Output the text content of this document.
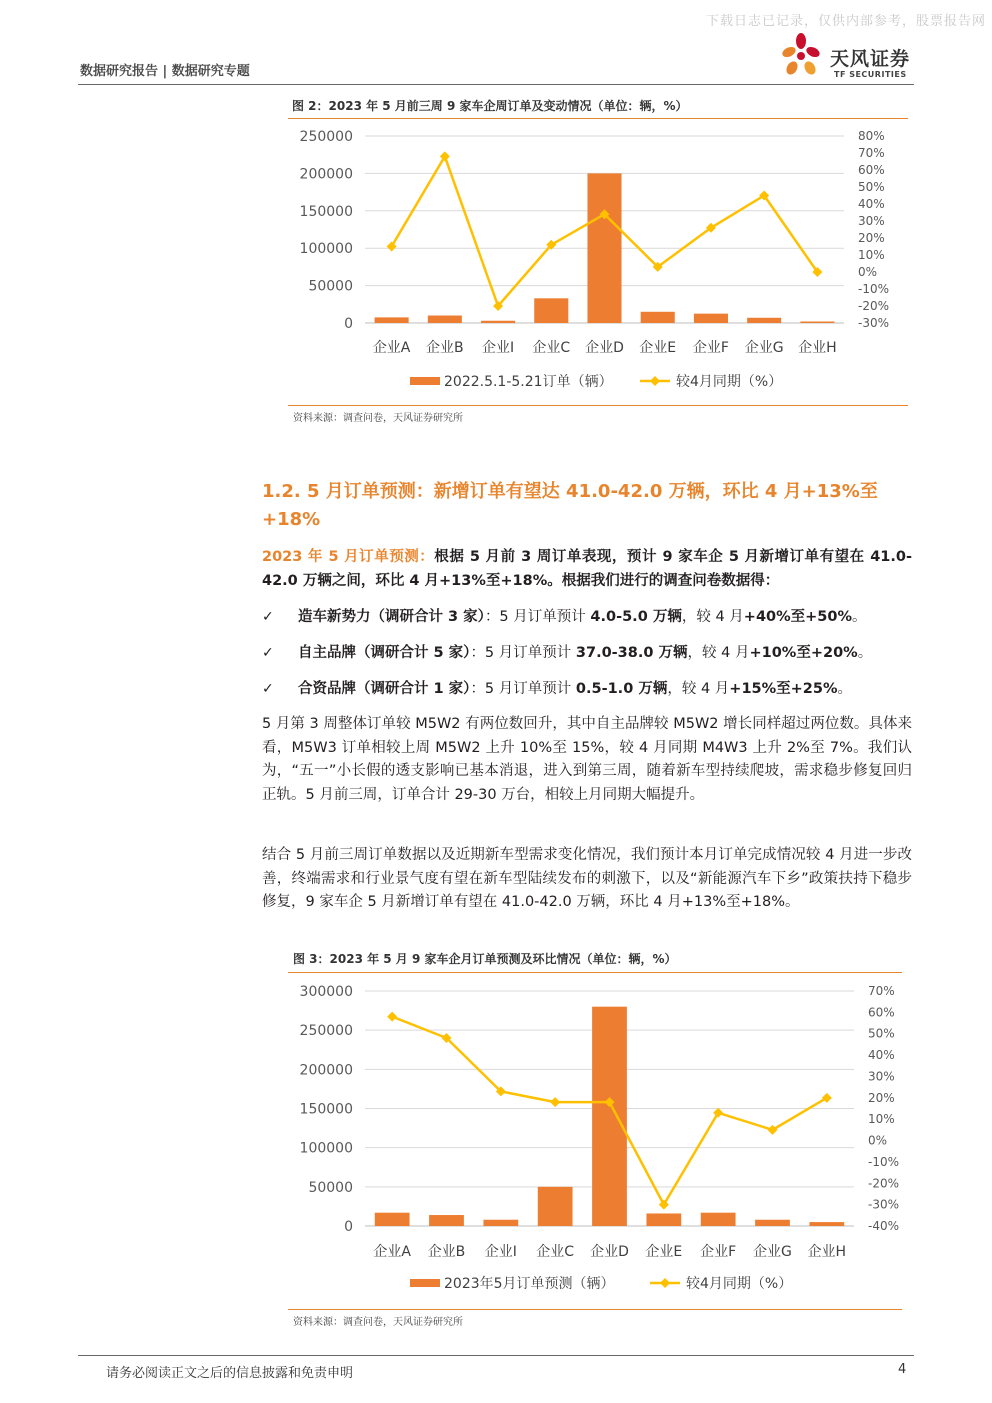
下载日志已记录，仅供内部参考，股票报告网
数据研究报告 | 数据研究专题
天风证券
TF SECURITIES
图 2：2023 年 5 月前三周 9 家车企周订单及变动情况（单位：辆，%）
0
50000
100000
150000
200000
250000
-30%
-20%
-10%
0%
10%
20%
30%
40%
50%
60%
70%
80%
企业A 企业B 企业I 企业C 企业D 企业E 企业F 企业G 企业H
2022.5.1-5.21订单（辆）	较4月同期（%）
资料来源：调查问卷，天风证券研究所
1.2. 5 月订单预测：新增订单有望达 41.0-42.0 万辆，环比 4 月+13%至+18%
2023 年 5 月订单预测：根据 5 月前 3 周订单表现，预计 9 家车企 5 月新增订单有望在 41.0-42.0 万辆之间，环比 4 月+13%至+18%。根据我们进行的调查问卷数据得：
✓ 造车新势力（调研合计 3 家）：5 月订单预计 4.0-5.0 万辆，较 4 月+40%至+50%。
✓ 自主品牌（调研合计 5 家）：5 月订单预计 37.0-38.0 万辆，较 4 月+10%至+20%。
✓ 合资品牌（调研合计 1 家）：5 月订单预计 0.5-1.0 万辆，较 4 月+15%至+25%。
5 月第 3 周整体订单较 M5W2 有两位数回升，其中自主品牌较 M5W2 增长同样超过两位数。具体来看，M5W3 订单相较上周 M5W2 上升 10%至 15%，较 4 月同期 M4W3 上升 2%至 7%。我们认为，“五一”小长假的透支影响已基本消退，进入到第三周，随着新车型持续爬坡，需求稳步修复回归正轨。5 月前三周，订单合计 29-30 万台，相较上月同期大幅提升。
结合 5 月前三周订单数据以及近期新车型需求变化情况，我们预计本月订单完成情况较 4 月进一步改善，终端需求和行业景气度有望在新车型陆续发布的刺激下，以及“新能源汽车下乡”政策扶持下稳步修复，9 家车企 5 月新增订单有望在 41.0-42.0 万辆，环比 4 月+13%至+18%。
图 3：2023 年 5 月 9 家车企月订单预测及环比情况（单位：辆，%）
0
50000
100000
150000
200000
250000
300000
-40%
-30%
-20%
-10%
0%
10%
20%
30%
40%
50%
60%
70%
企业A 企业B 企业I 企业C 企业D 企业E 企业F 企业G 企业H
2023年5月订单预测（辆）	较4月同期（%）
资料来源：调查问卷，天风证券研究所
请务必阅读正文之后的信息披露和免责申明	4
